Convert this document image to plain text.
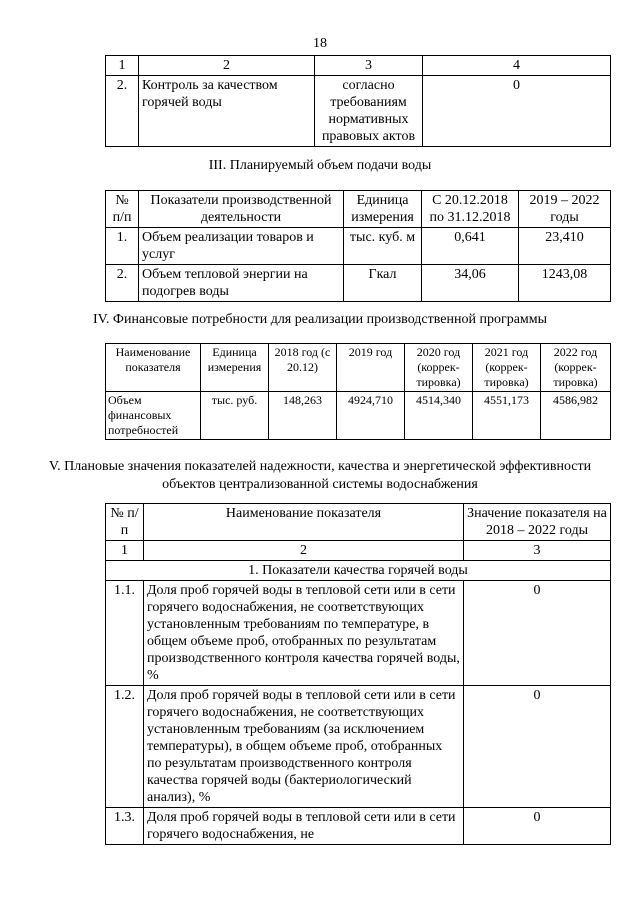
18
1	2	3	4
2.	Контроль за качеством горячей воды	согласно требованиям нормативных правовых актов	0
III. Планируемый объем подачи воды
№ п/п	Показатели производственной деятельности	Единица измерения	С 20.12.2018 по 31.12.2018	2019 – 2022 годы
1.	Объем реализации товаров и услуг	тыс. куб. м	0,641	23,410
2.	Объем тепловой энергии на подогрев воды	Гкал	34,06	1243,08
IV. Финансовые потребности для реализации производственной программы
Наименование показателя	Единица измерения	2018 год (с 20.12)	2019 год	2020 год (коррек-тировка)	2021 год (коррек-тировка)	2022 год (коррек-тировка)
Объем финансовых потребностей	тыс. руб.	148,263	4924,710	4514,340	4551,173	4586,982
V. Плановые значения показателей надежности, качества и энергетической эффективности объектов централизованной системы водоснабжения
№ п/п	Наименование показателя	Значение показателя на 2018 – 2022 годы
1	2	3
1. Показатели качества горячей воды		
1.1.	Доля проб горячей воды в тепловой сети или в сети горячего водоснабжения, не соответствующих установленным требованиям по температуре, в общем объеме проб, отобранных по результатам производственного контроля качества горячей воды, %	0
1.2.	Доля проб горячей воды в тепловой сети или в сети горячего водоснабжения, не соответствующих установленным требованиям (за исключением температуры), в общем объеме проб, отобранных по результатам производственного контроля качества горячей воды (бактериологический анализ), %	0
1.3.	Доля проб горячей воды в тепловой сети или в сети горячего водоснабжения, не	0
